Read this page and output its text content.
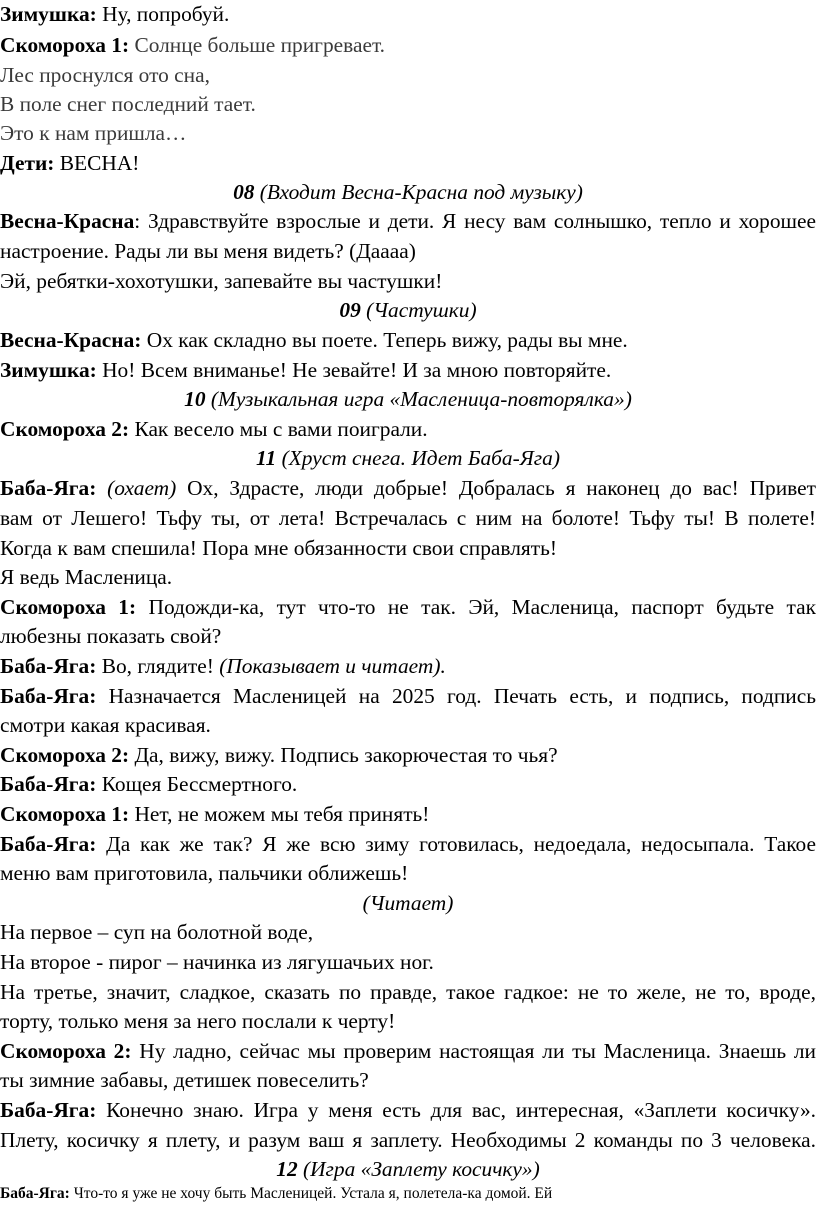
Зимушка: Ну, попробуй.
Скомороха 1: Солнце больше пригревает.
Лес проснулся ото сна,
В поле снег последний тает.
Это к нам пришла…
Дети: ВЕСНА!
08 (Входит Весна-Красна под музыку)
Весна-Красна: Здравствуйте взрослые и дети. Я несу вам солнышко, тепло и хорошее
настроение. Рады ли вы меня видеть? (Даааа)
Эй, ребятки-хохотушки, запевайте вы частушки!
09 (Частушки)
Весна-Красна: Ох как складно вы поете. Теперь вижу, рады вы мне.
Зимушка: Но! Всем вниманье! Не зевайте! И за мною повторяйте.
10 (Музыкальная игра «Масленица-повторялка»)
Скомороха 2: Как весело мы с вами поиграли.
11 (Хруст снега. Идет Баба-Яга)
Баба-Яга: (охает) Ох, Здрасте, люди добрые! Добралась я наконец до вас! Привет
вам от Лешего! Тьфу ты, от лета! Встречалась с ним на болоте! Тьфу ты! В полете!
Когда к вам спешила! Пора мне обязанности свои справлять!
Я ведь Масленица.
Скомороха 1: Подожди-ка, тут что-то не так. Эй, Масленица, паспорт будьте так
любезны показать свой?
Баба-Яга: Во, глядите! (Показывает и читает).
Баба-Яга: Назначается Масленицей на 2025 год. Печать есть, и подпись, подпись
смотри какая красивая.
Скомороха 2: Да, вижу, вижу. Подпись закорючестая то чья?
Баба-Яга: Кощея Бессмертного.
Скомороха 1: Нет, не можем мы тебя принять!
Баба-Яга: Да как же так? Я же всю зиму готовилась, недоедала, недосыпала. Такое
меню вам приготовила, пальчики оближешь!
(Читает)
На первое – суп на болотной воде,
На второе - пирог – начинка из лягушачьих ног.
На третье, значит, сладкое, сказать по правде, такое гадкое: не то желе, не то, вроде,
торту, только меня за него послали к черту!
Скомороха 2: Ну ладно, сейчас мы проверим настоящая ли ты Масленица. Знаешь ли
ты зимние забавы, детишек повеселить?
Баба-Яга: Конечно знаю. Игра у меня есть для вас, интересная, «Заплети косичку».
Плету, косичку я плету, и разум ваш я заплету. Необходимы 2 команды по 3 человека.
12 (Игра «Заплету косичку»)
Баба-Яга: Что-то я уже не хочу быть Масленицей. Устала я, полетела-ка домой. Ей
